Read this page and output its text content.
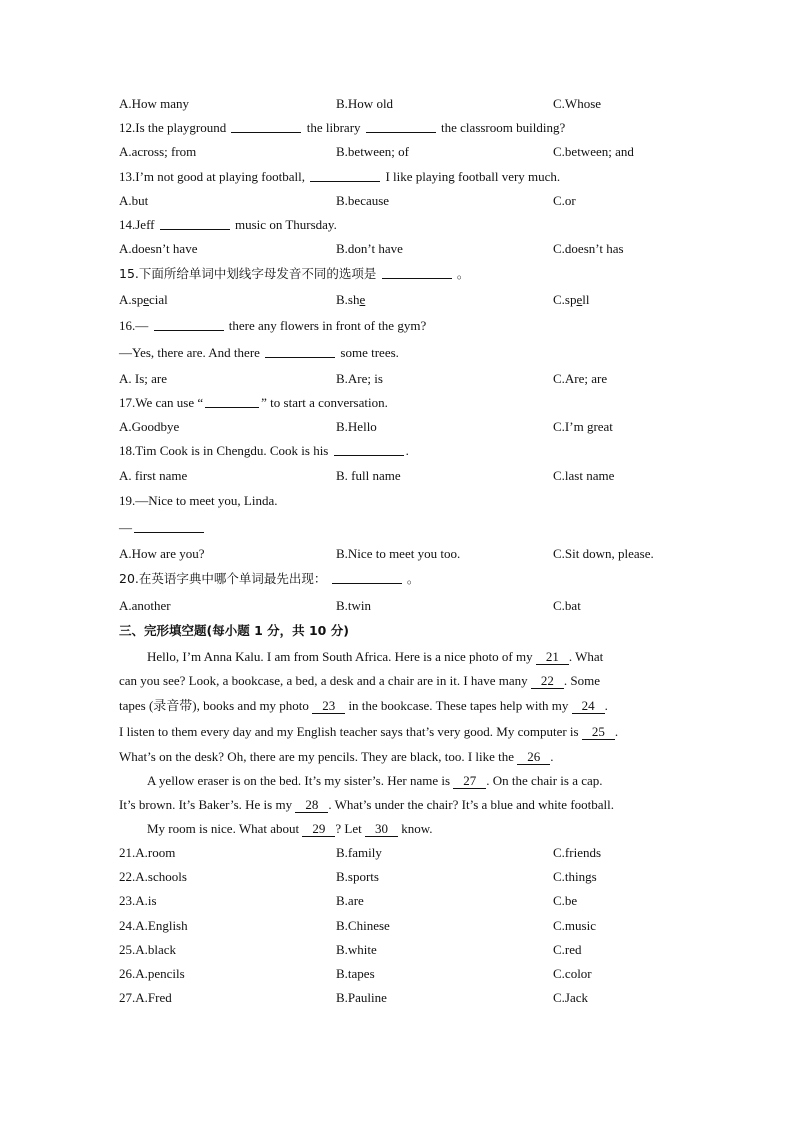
A.How many	B.How old	C.Whose
12.Is the playground	the library	the classroom building?
A.across; from	B.between; of	C.between; and
13.I’m not good at playing football,	I like playing football very much.
A.but	B.because	C.or
14.Jeff	music on Thursday.
A.doesn’t have	B.don’t have	C.doesn’t has
15.下面所给单词中划线字母发音不同的选项是	。
A.special	B.she	C.spell
16.—	there any flowers in front of the gym?
—Yes, there are. And there	some trees.
A. Is; are	B.Are; is	C.Are; are
17.We can use “	” to start a conversation.
A.Goodbye	B.Hello	C.I’m great
18.Tim Cook is in Chengdu. Cook is his	.
A. first name	B. full name	C.last name
19.—Nice to meet you, Linda.
—
A.How are you?	B.Nice to meet you too.	C.Sit down, please.
20.在英语字典中哪个单词最先出现：	。
A.another	B.twin	C.bat
三、完形填空题(每小题 1 分，共 10 分)
Hello, I’m Anna Kalu. I am from South Africa. Here is a nice photo of my 21 . What
can you see? Look, a bookcase, a bed, a desk and a chair are in it. I have many 22 . Some
tapes (录音带), books and my photo 23 in the bookcase. These tapes help with my 24 .
I listen to them every day and my English teacher says that’s very good. My computer is 25 .
What’s on the desk? Oh, there are my pencils. They are black, too. I like the 26 .
A yellow eraser is on the bed. It’s my sister’s. Her name is 27 . On the chair is a cap.
It’s brown. It’s Baker’s. He is my 28 . What’s under the chair? It’s a blue and white football.
My room is nice. What about 29 ? Let 30 know.
21.A.room	B.family	C.friends
22.A.schools	B.sports	C.things
23.A.is	B.are	C.be
24.A.English	B.Chinese	C.music
25.A.black	B.white	C.red
26.A.pencils	B.tapes	C.color
27.A.Fred	B.Pauline	C.Jack
